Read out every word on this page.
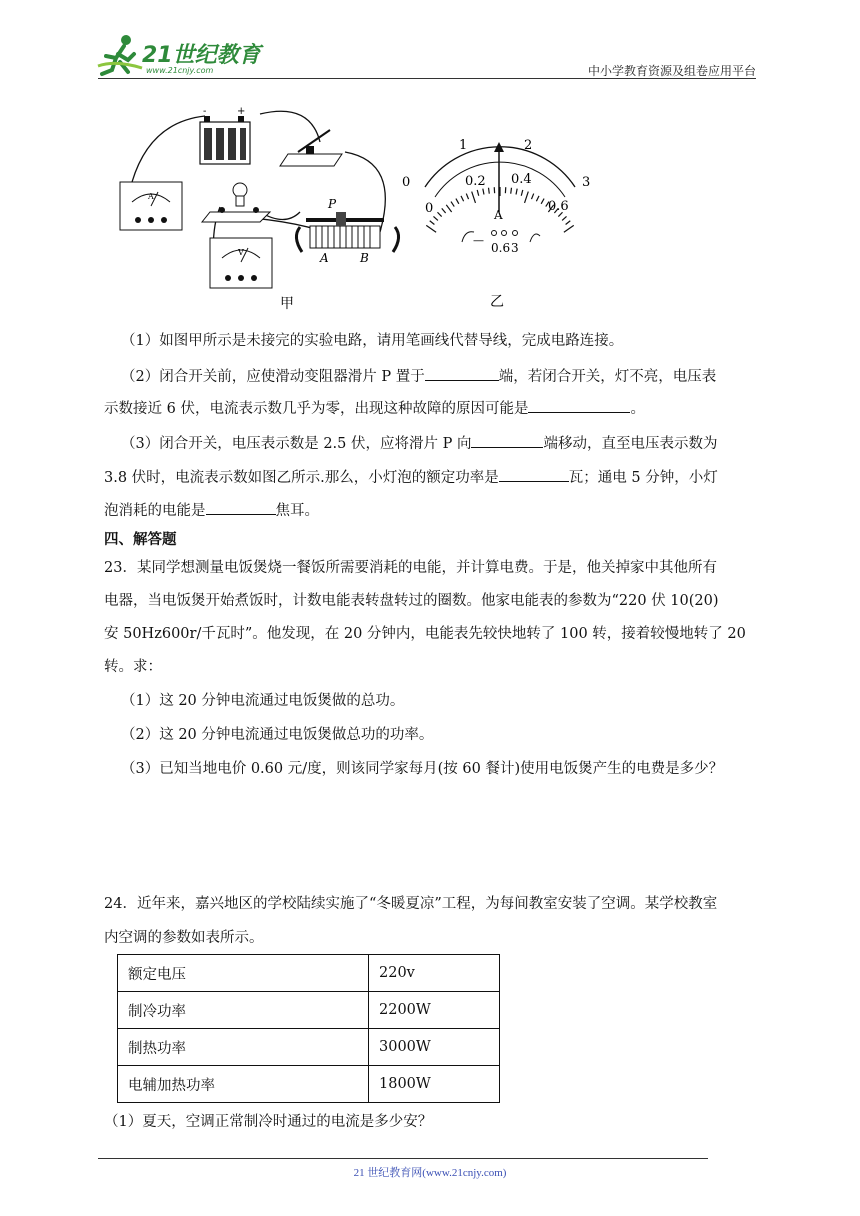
21世纪教育
www.21cnjy.com	中小学教育资源及组卷应用平台
-	+
A
V
P
A	B
0
1	2
3
0
0.2 0.4
0.6
A
—
0.6 3
甲	乙
（1）如图甲所示是未接完的实验电路，请用笔画线代替导线，完成电路连接。
（2）闭合开关前，应使滑动变阻器滑片 P 置于	端，若闭合开关，灯不亮，电压表
示数接近 6 伏，电流表示数几乎为零，出现这种故障的原因可能是	。
（3）闭合开关，电压表示数是 2.5 伏，应将滑片 P 向	端移动，直至电压表示数为
3.8 伏时，电流表示数如图乙所示.那么，小灯泡的额定功率是	瓦；通电 5 分钟，小灯
泡消耗的电能是	焦耳。
四、解答题
23．某同学想测量电饭煲烧一餐饭所需要消耗的电能，并计算电费。于是，他关掉家中其他所有
电器，当电饭煲开始煮饭时，计数电能表转盘转过的圈数。他家电能表的参数为“220 伏 10(20)
安 50Hz600r/千瓦时”。他发现，在 20 分钟内，电能表先较快地转了 100 转，接着较慢地转了 20
转。求：
（1）这 20 分钟电流通过电饭煲做的总功。
（2）这 20 分钟电流通过电饭煲做总功的功率。
（3）已知当地电价 0.60 元/度，则该同学家每月(按 60 餐计)使用电饭煲产生的电费是多少？
24．近年来，嘉兴地区的学校陆续实施了“冬暖夏凉”工程，为每间教室安装了空调。某学校教室
内空调的参数如表所示。
额定电压	220v
制冷功率	2200W
制热功率	3000W
电辅加热功率	1800W
（1）夏天，空调正常制冷时通过的电流是多少安？
21 世纪教育网(www.21cnjy.com)
